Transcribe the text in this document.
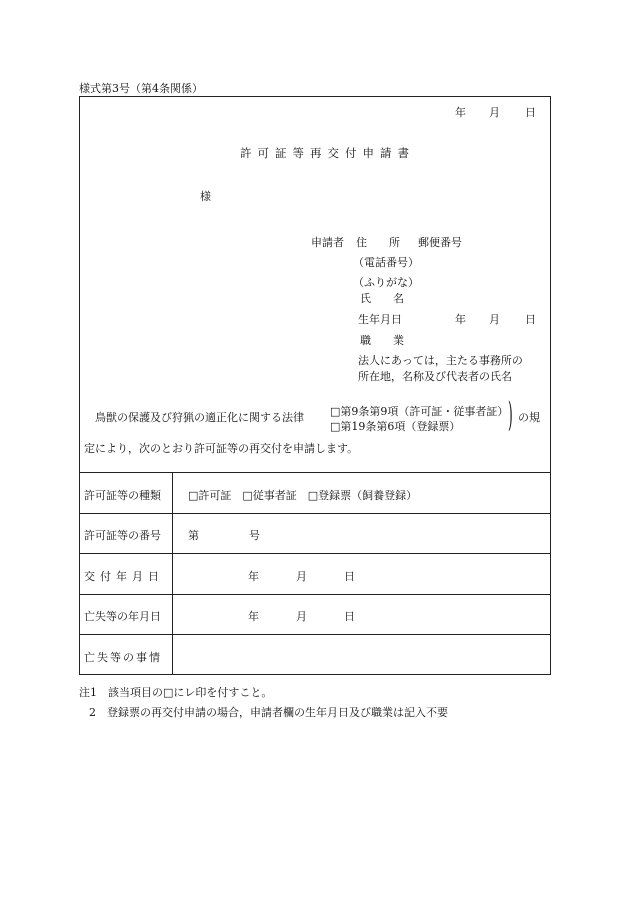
様式第3号（第4条関係）
年 月 日
許可証等再交付申請書
様
申請者 住　　所 郵便番号
（電話番号）
（ふりがな）
氏　　名
生年月日	年 月 日
職　　業
法人にあっては，主たる事務所の
所在地，名称及び代表者の氏名
鳥獣の保護及び狩猟の適正化に関する法律 □第9条第9項（許可証・従事者証）
□第19条第6項（登録票） ) の規
定により，次のとおり許可証等の再交付を申請します。
許可証等の種類 □許可証　□従事者証　□登録票（飼養登録）
許可証等の番号 第	号
交付年月日	年	月	日
亡失等の年月日	年	月	日
亡失等の事情
注1　該当項目の□にレ印を付すこと。
2　登録票の再交付申請の場合，申請者欄の生年月日及び職業は記入不要
